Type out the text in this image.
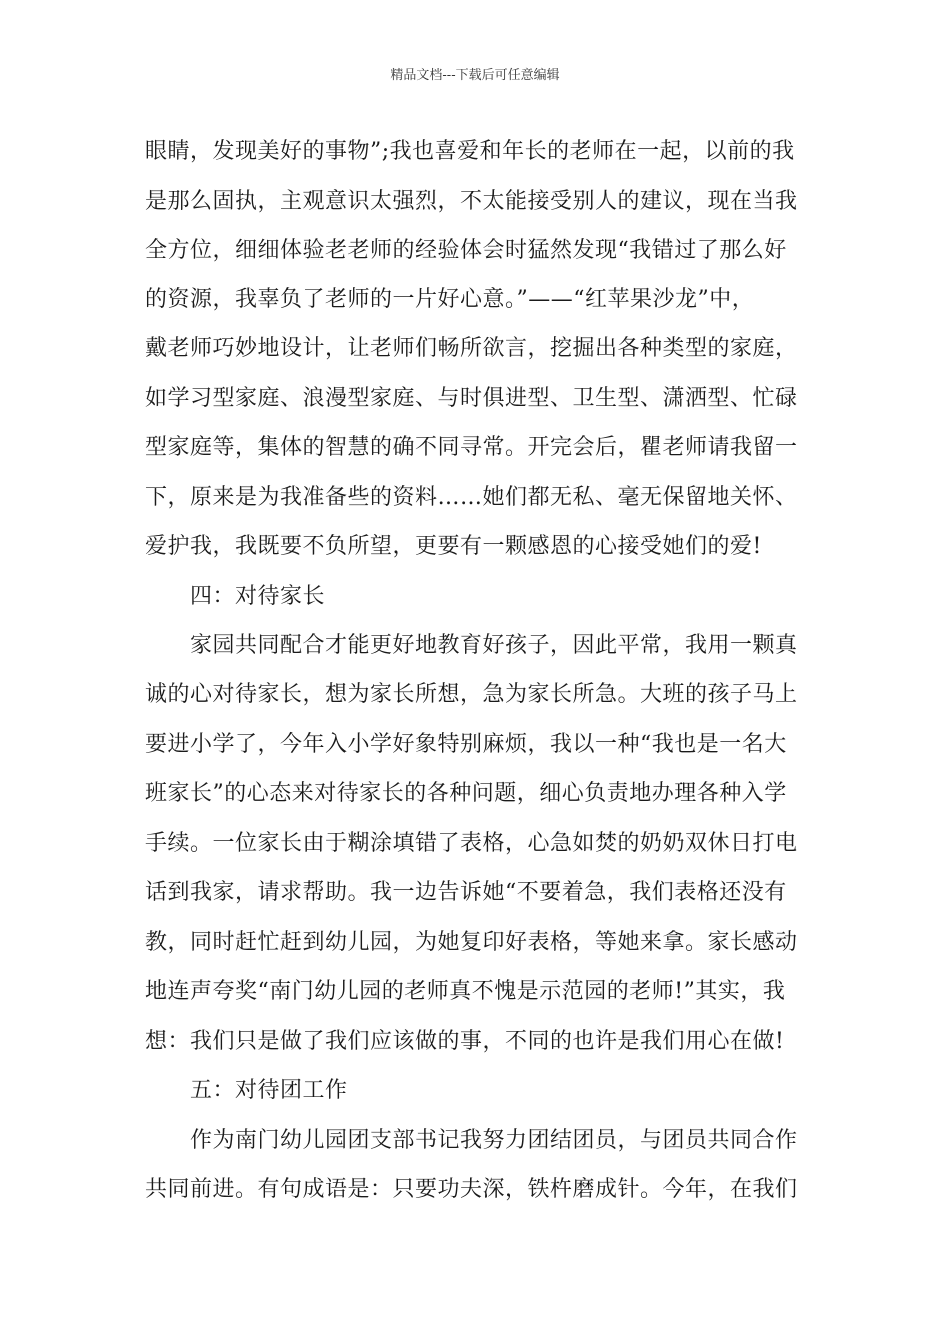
精品文档---下载后可任意编辑
眼睛，发现美好的事物”;我也喜爱和年长的老师在一起，以前的我
是那么固执，主观意识太强烈，不太能接受别人的建议，现在当我
全方位，细细体验老老师的经验体会时猛然发现“我错过了那么好
的资源，我辜负了老师的一片好心意。”——“红苹果沙龙”中，
戴老师巧妙地设计，让老师们畅所欲言，挖掘出各种类型的家庭，
如学习型家庭、浪漫型家庭、与时俱进型、卫生型、潇洒型、忙碌
型家庭等，集体的智慧的确不同寻常。开完会后，瞿老师请我留一
下，原来是为我准备些的资料……她们都无私、毫无保留地关怀、
爱护我，我既要不负所望，更要有一颗感恩的心接受她们的爱!
四：对待家长
家园共同配合才能更好地教育好孩子，因此平常，我用一颗真
诚的心对待家长，想为家长所想，急为家长所急。大班的孩子马上
要进小学了，今年入小学好象特别麻烦，我以一种“我也是一名大
班家长”的心态来对待家长的各种问题，细心负责地办理各种入学
手续。一位家长由于糊涂填错了表格，心急如焚的奶奶双休日打电
话到我家，请求帮助。我一边告诉她“不要着急，我们表格还没有
教，同时赶忙赶到幼儿园，为她复印好表格，等她来拿。家长感动
地连声夸奖“南门幼儿园的老师真不愧是示范园的老师!”其实，我
想：我们只是做了我们应该做的事，不同的也许是我们用心在做!
五：对待团工作
作为南门幼儿园团支部书记我努力团结团员，与团员共同合作
共同前进。有句成语是：只要功夫深，铁杵磨成针。今年，在我们
